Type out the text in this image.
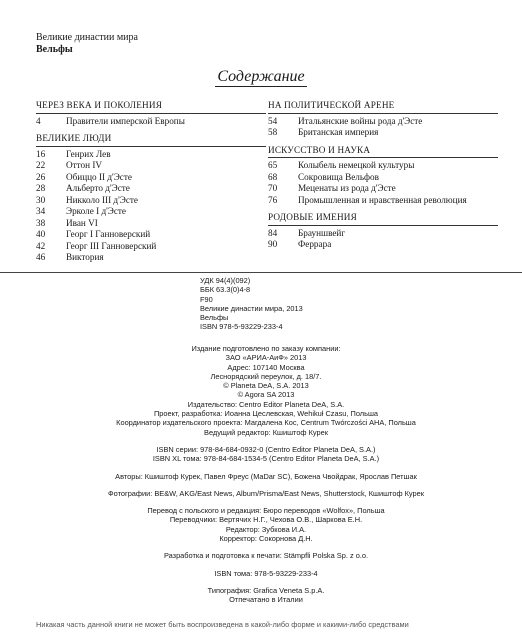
Великие династии мира
Вельфы
Содержание
ЧЕРЕЗ ВЕКА И ПОКОЛЕНИЯ
4	Правители имперской Европы
ВЕЛИКИЕ ЛЮДИ
16	Генрих Лев
22	Оттон IV
26	Обиццо II д'Эсте
28	Альберто д'Эсте
30	Никколо III д'Эсте
34	Эрколе I д'Эсте
38	Иван VI
40	Георг I Ганноверский
42	Георг III Ганноверский
46	Виктория
НА ПОЛИТИЧЕСКОЙ АРЕНЕ
54	Итальянские войны рода д'Эсте
58	Британская империя
ИСКУССТВО И НАУКА
65	Колыбель немецкой культуры
68	Сокровища Вельфов
70	Меценаты из рода д'Эсте
76	Промышленная и нравственная революция
РОДОВЫЕ ИМЕНИЯ
84	Брауншвейг
90	Феррара
УДК 94(4)(092)
ББК 63.3(0)4-8
F90
Великие династии мира, 2013
Вельфы
ISBN 978-5-93229-233-4
Издание подготовлено по заказу компании:
ЗАО «АРИА-АиФ» 2013
Адрес: 107140 Москва
Леснорядский переулок, д. 18/7.
© Planeta DeA, S.A. 2013
© Agora SA 2013
Издательство: Centro Editor Planeta DeA, S.A.
Проект, разработка: Иоанна Цеслевская, Wehikuł Czasu, Польша
Координатор издательского проекта: Магдалена Кос, Centrum Twórczości AHA, Польша
Ведущий редактор: Кшиштоф Курек
ISBN серии: 978-84-684-0932-0 (Centro Editor Planeta DeA, S.A.)
ISBN XL тома: 978-84-684-1534-5 (Centro Editor Planeta DeA, S.A.)
Авторы: Кшиштоф Курек, Павел Фреус (MaDar SC), Божена Чвойдрак, Ярослав Петшак
Фотографии: BE&W, AKG/East News, Album/Prisma/East News, Shutterstock, Кшиштоф Курек
Перевод с польского и редакция: Бюро переводов «Wolfox», Польша
Переводчики: Вертячих Н.Г., Чехова О.В., Шаркова Е.Н.
Редактор: Зубкова И.А.
Корректор: Сокорнова Д.Н.
Разработка и подготовка к печати: Stämpfli Polska Sp. z o.o.
ISBN тома: 978-5-93229-233-4
Типография: Grafica Veneta S.p.A.
Отпечатано в Италии
Никакая часть данной книги не может быть воспроизведена в какой-либо форме и какими-либо средствами
